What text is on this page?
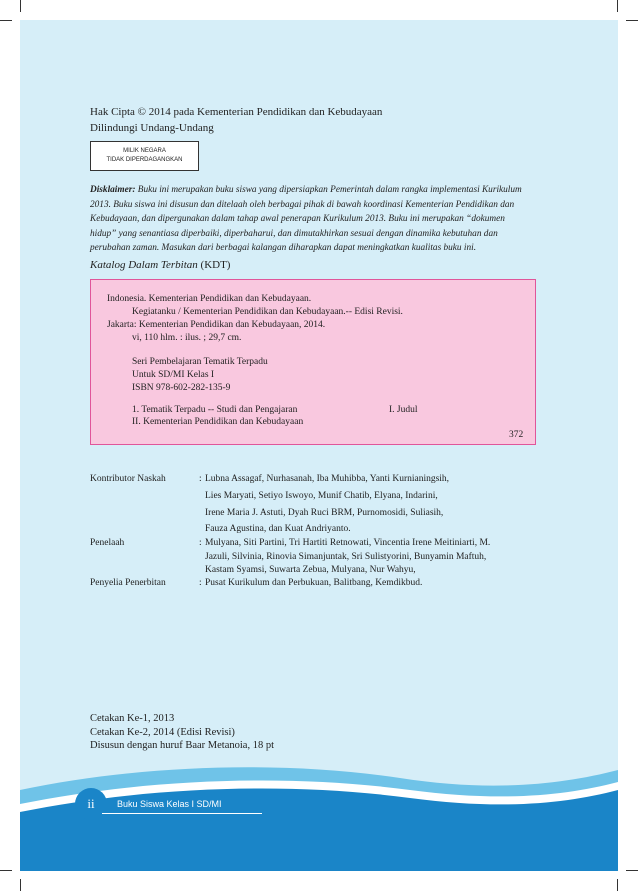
Hak Cipta © 2014 pada Kementerian Pendidikan dan Kebudayaan
Dilindungi Undang-Undang
MILIK NEGARA
TIDAK DIPERDAGANGKAN
Disklaimer: Buku ini merupakan buku siswa yang dipersiapkan Pemerintah dalam rangka implementasi Kurikulum
2013. Buku siswa ini disusun dan ditelaah oleh berbagai pihak di bawah koordinasi Kementerian Pendidikan dan
Kebudayaan, dan dipergunakan dalam tahap awal penerapan Kurikulum 2013. Buku ini merupakan “dokumen
hidup” yang senantiasa diperbaiki, diperbaharui, dan dimutakhirkan sesuai dengan dinamika kebutuhan dan
perubahan zaman. Masukan dari berbagai kalangan diharapkan dapat meningkatkan kualitas buku ini.
Katalog Dalam Terbitan (KDT)
Indonesia. Kementerian Pendidikan dan Kebudayaan.
Kegiatanku / Kementerian Pendidikan dan Kebudayaan.-- Edisi Revisi.
Jakarta: Kementerian Pendidikan dan Kebudayaan, 2014.
vi, 110 hlm. : ilus. ; 29,7 cm.
Seri Pembelajaran Tematik Terpadu
Untuk SD/MI Kelas I
ISBN 978-602-282-135-9
1. Tematik Terpadu -- Studi dan Pengajaran	I. Judul
II. Kementerian Pendidikan dan Kebudayaan
372
Kontributor Naskah	: Lubna Assagaf, Nurhasanah, Iba Muhibba, Yanti Kurnianingsih,
Lies Maryati, Setiyo Iswoyo, Munif Chatib, Elyana, Indarini,
Irene Maria J. Astuti, Dyah Ruci BRM, Purnomosidi, Suliasih,
Fauza Agustina, dan Kuat Andriyanto.
Penelaah	: Mulyana, Siti Partini, Tri Hartiti Retnowati, Vincentia Irene Meitiniarti, M.
Jazuli, Silvinia, Rinovia Simanjuntak, Sri Sulistyorini, Bunyamin Maftuh,
Kastam Syamsi, Suwarta Zebua, Mulyana, Nur Wahyu,
Penyelia Penerbitan	: Pusat Kurikulum dan Perbukuan, Balitbang, Kemdikbud.
Cetakan Ke-1, 2013
Cetakan Ke-2, 2014 (Edisi Revisi)
Disusun dengan huruf Baar Metanoia, 18 pt
ii Buku Siswa Kelas I SD/MI
